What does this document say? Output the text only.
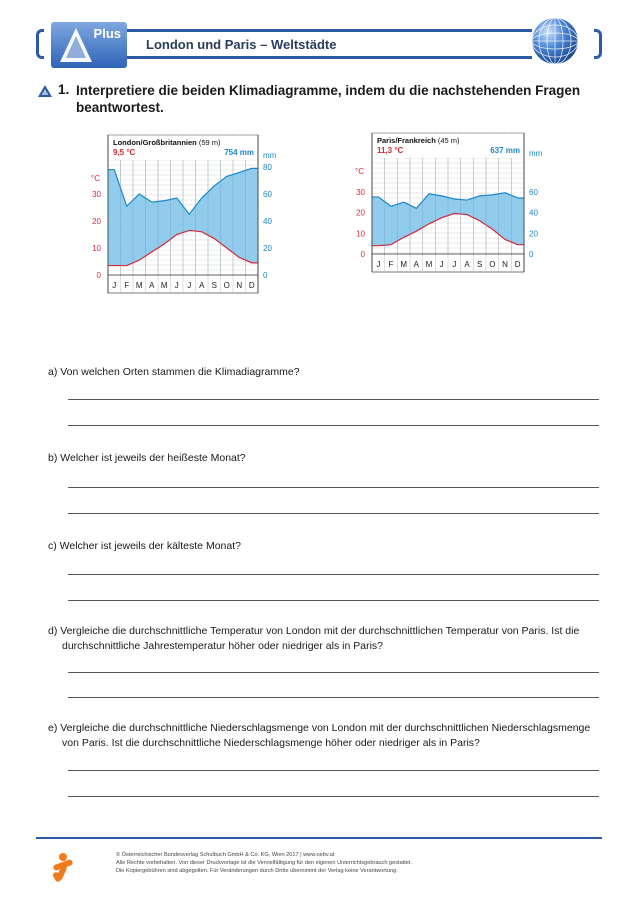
Plus
London und Paris – Weltstädte
1. Interpretiere die beiden Klimadiagramme, indem du die nachstehenden Fragen beantwortest.
J F M A M J J A S O N D
0
10
20
30
°C
0
20
40
60
80
mm
London/Großbritannien (59 m)
9,5 °C	754 mm
J F M A M J J A S O N D
0
10
20
30
°C
0
20
40
60
mm
Paris/Frankreich (45 m)
11,3 °C	637 mm
a) Von welchen Orten stammen die Klimadiagramme?
b) Welcher ist jeweils der heißeste Monat?
c) Welcher ist jeweils der kälteste Monat?
d) Vergleiche die durchschnittliche Temperatur von London mit der durchschnittlichen Temperatur von Paris. Ist die durchschnittliche Jahrestemperatur höher oder niedriger als in Paris?
e) Vergleiche die durchschnittliche Niederschlagsmenge von London mit der durchschnittlichen Niederschlagsmenge von Paris. Ist die durchschnittliche Niederschlagsmenge höher oder niedriger als in Paris?
© Österreichischer Bundesverlag Schulbuch GmbH & Co. KG, Wien 2017 | www.oebv.at
Alle Rechte vorbehalten. Von dieser Druckvorlage ist die Vervielfältigung für den eigenen Unterrichtsgebrauch gestattet.
Die Kopiergebühren sind abgegolten. Für Veränderungen durch Dritte übernimmt der Verlag keine Verantwortung.
